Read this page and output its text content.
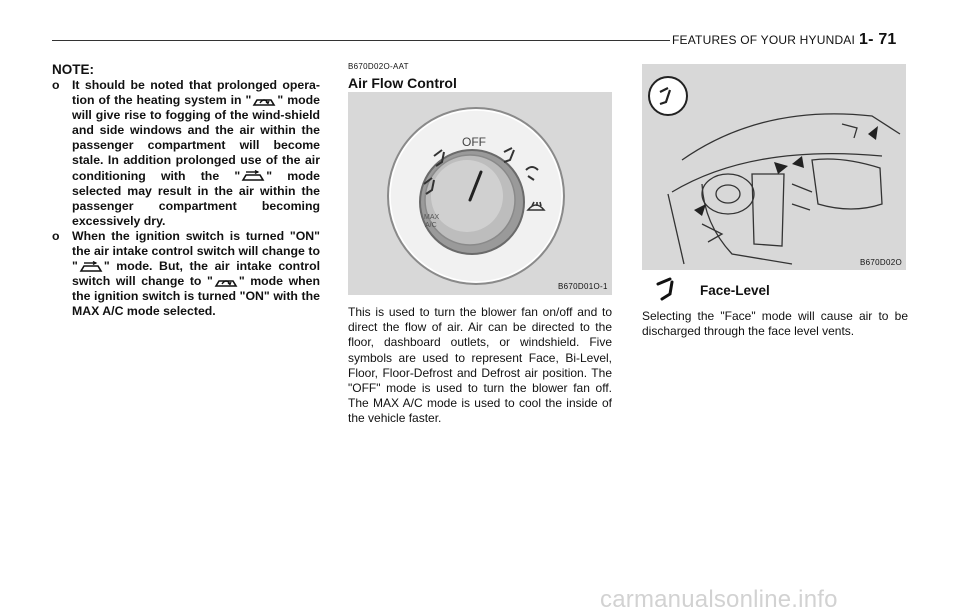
FEATURES OF YOUR HYUNDAI 1- 71
NOTE:
o It should be noted that prolonged opera-tion of the heating system in " " mode will give rise to fogging of the wind-shield and side windows and the air within the passenger compartment will become stale. In addition prolonged use of the air conditioning with the " " mode selected may result in the air within the passenger compartment becoming excessively dry.

o When the ignition switch is turned "ON" the air intake control switch will change to " " mode. But, the air intake control switch will change to " " mode when the ignition switch is turned "ON" with the MAX A/C mode selected.

B670D02O-AAT
Air Flow Control
OFF
MAX
A/C
B670D01O-1

This is used to turn the blower fan on/off and to direct the flow of air. Air can be directed to the floor, dashboard outlets, or windshield. Five symbols are used to represent Face, Bi-Level, Floor, Floor-Defrost and Defrost air position. The "OFF" mode is used to turn the blower fan off. The MAX A/C mode is used to cool the inside of the vehicle faster.

B670D02O
Face-Level

Selecting the "Face" mode will cause air to be discharged through the face level vents.

carmanualsonline.info
